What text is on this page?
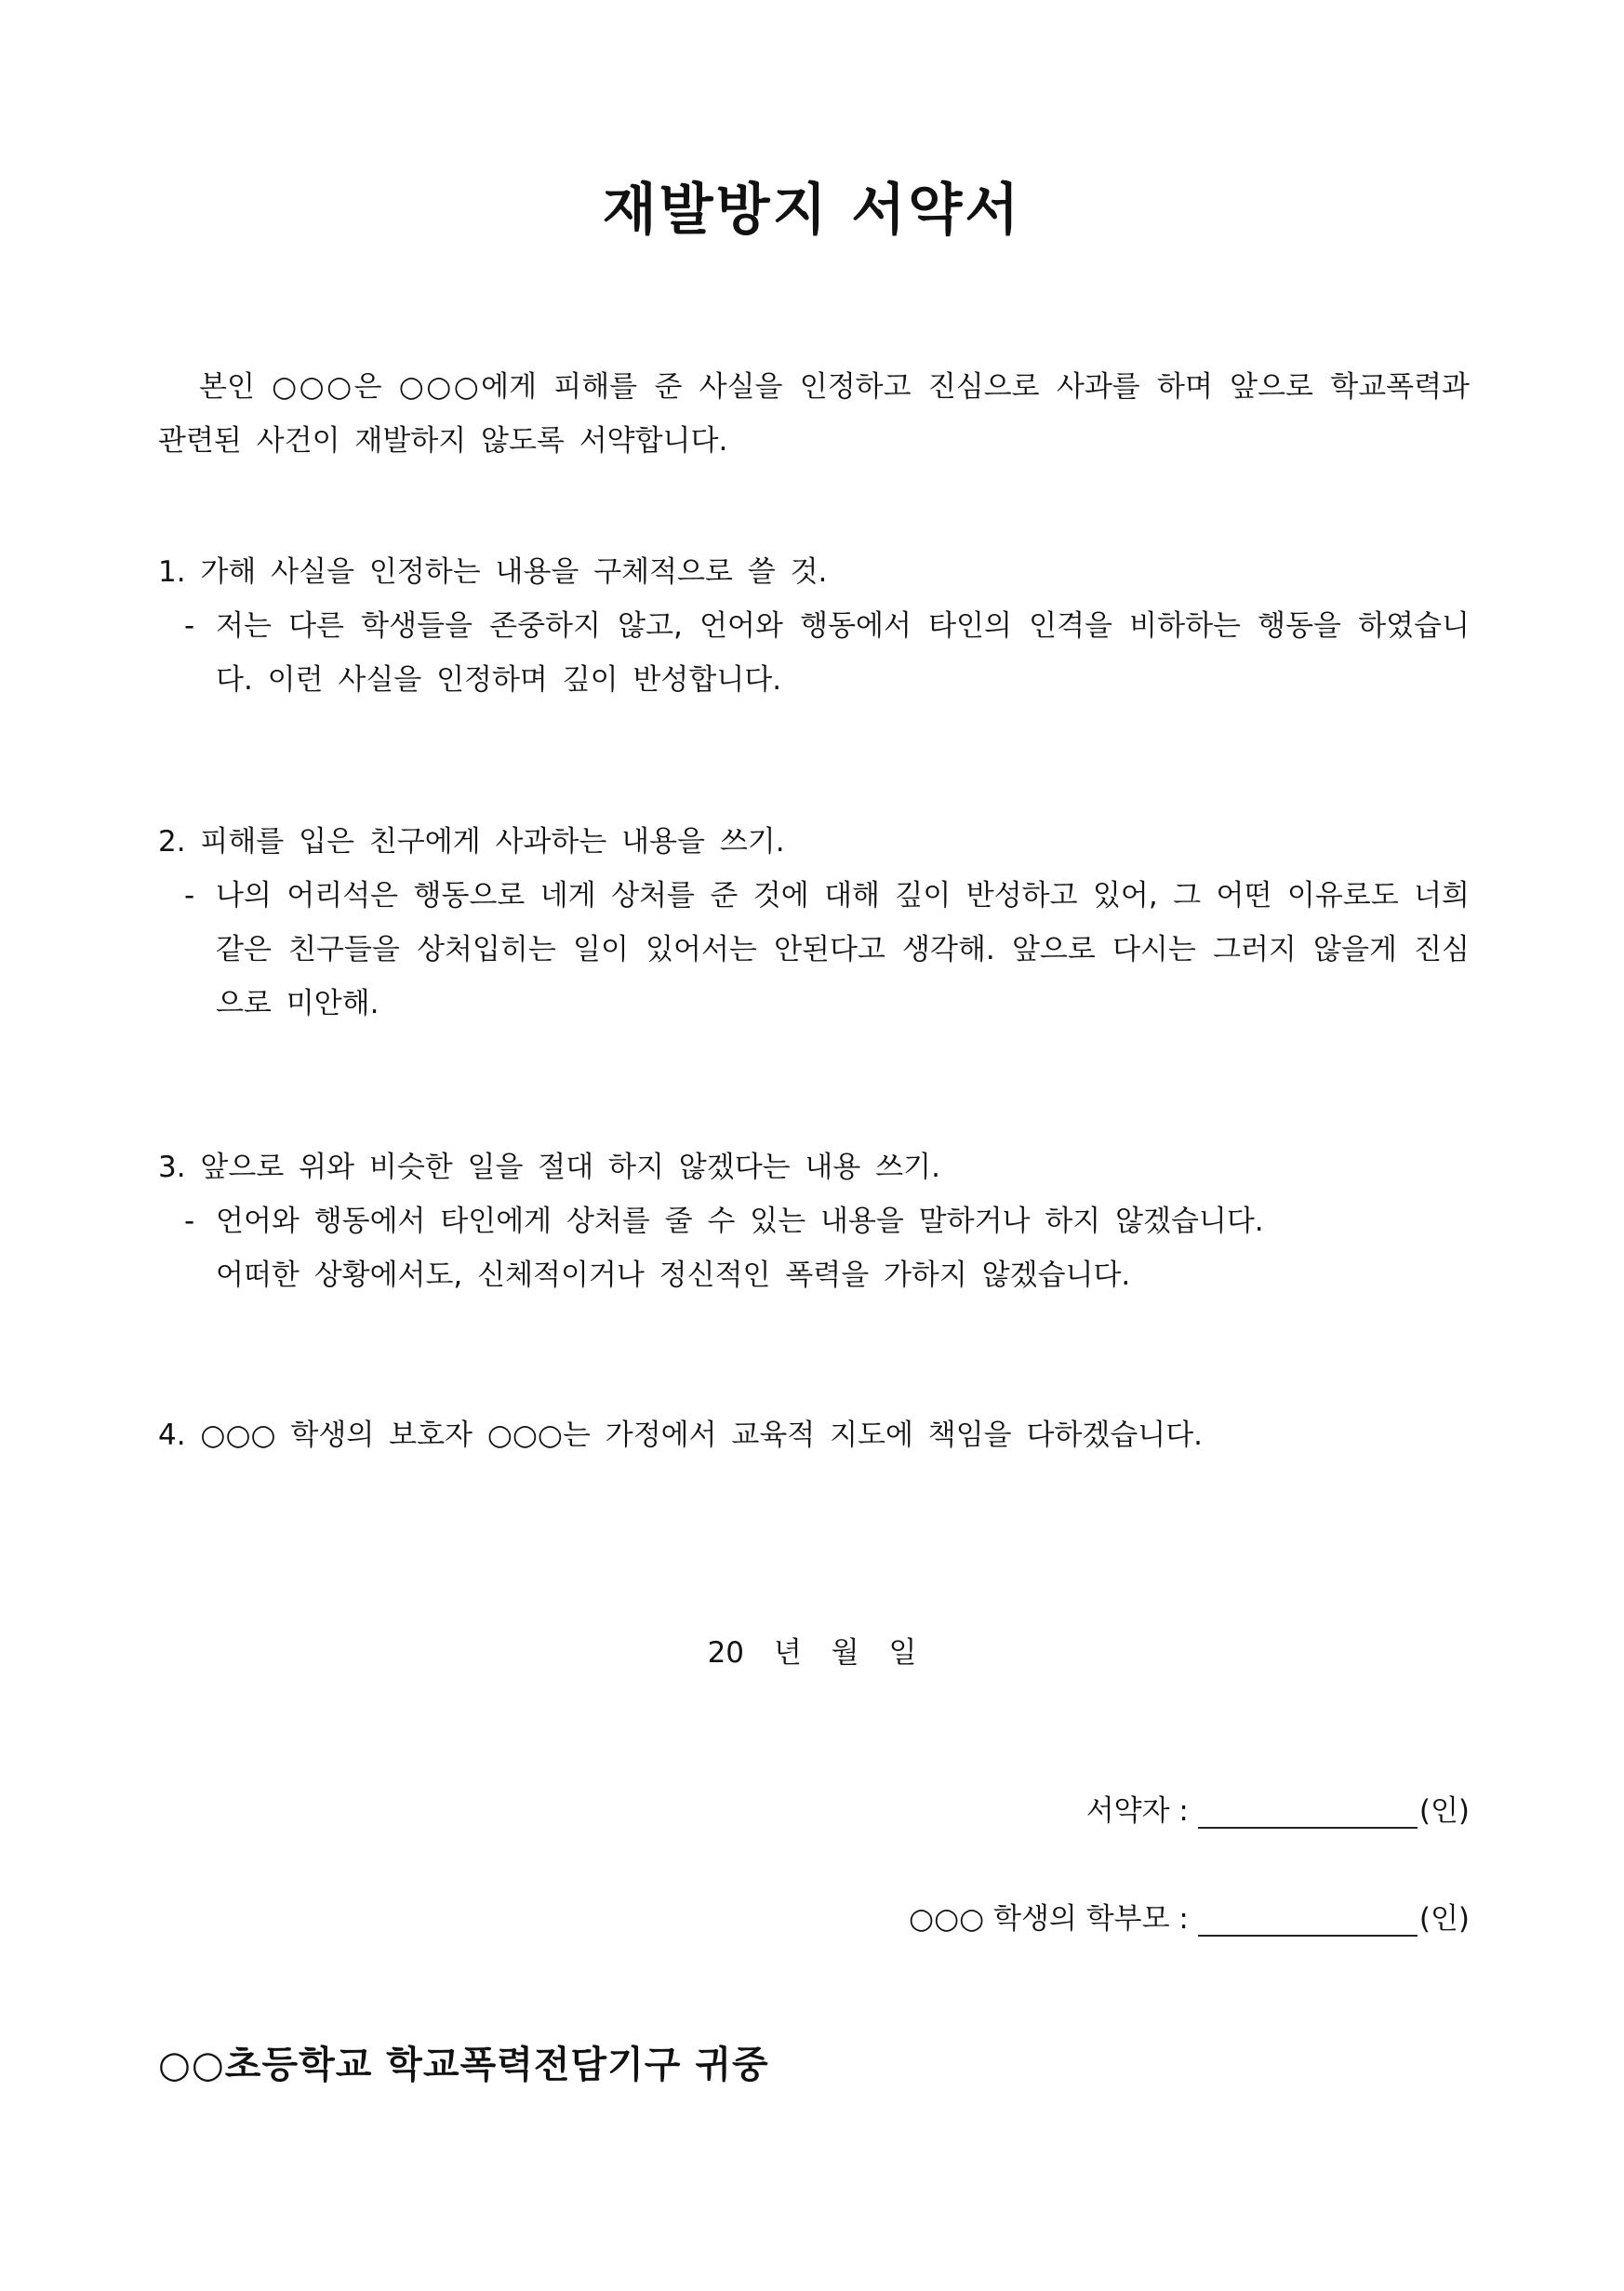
재발방지 서약서

본인 ○○○은 ○○○에게 피해를 준 사실을 인정하고 진심으로 사과를 하며 앞으로 학교폭력과 관련된 사건이 재발하지 않도록 서약합니다.

1. 가해 사실을 인정하는 내용을 구체적으로 쓸 것.

- 저는 다른 학생들을 존중하지 않고, 언어와 행동에서 타인의 인격을 비하하는 행동을 하였습니다. 이런 사실을 인정하며 깊이 반성합니다.

2. 피해를 입은 친구에게 사과하는 내용을 쓰기.

- 나의 어리석은 행동으로 네게 상처를 준 것에 대해 깊이 반성하고 있어, 그 어떤 이유로도 너희 같은 친구들을 상처입히는 일이 있어서는 안된다고 생각해. 앞으로 다시는 그러지 않을게 진심으로 미안해.

3. 앞으로 위와 비슷한 일을 절대 하지 않겠다는 내용 쓰기.

- 언어와 행동에서 타인에게 상처를 줄 수 있는 내용을 말하거나 하지 않겠습니다.

어떠한 상황에서도, 신체적이거나 정신적인 폭력을 가하지 않겠습니다.

4. ○○○ 학생의 보호자 ○○○는 가정에서 교육적 지도에 책임을 다하겠습니다.

20 년 월 일
서약자 :	(인)
○○○ 학생의 학부모 :	(인)
○○초등학교 학교폭력전담기구 귀중
